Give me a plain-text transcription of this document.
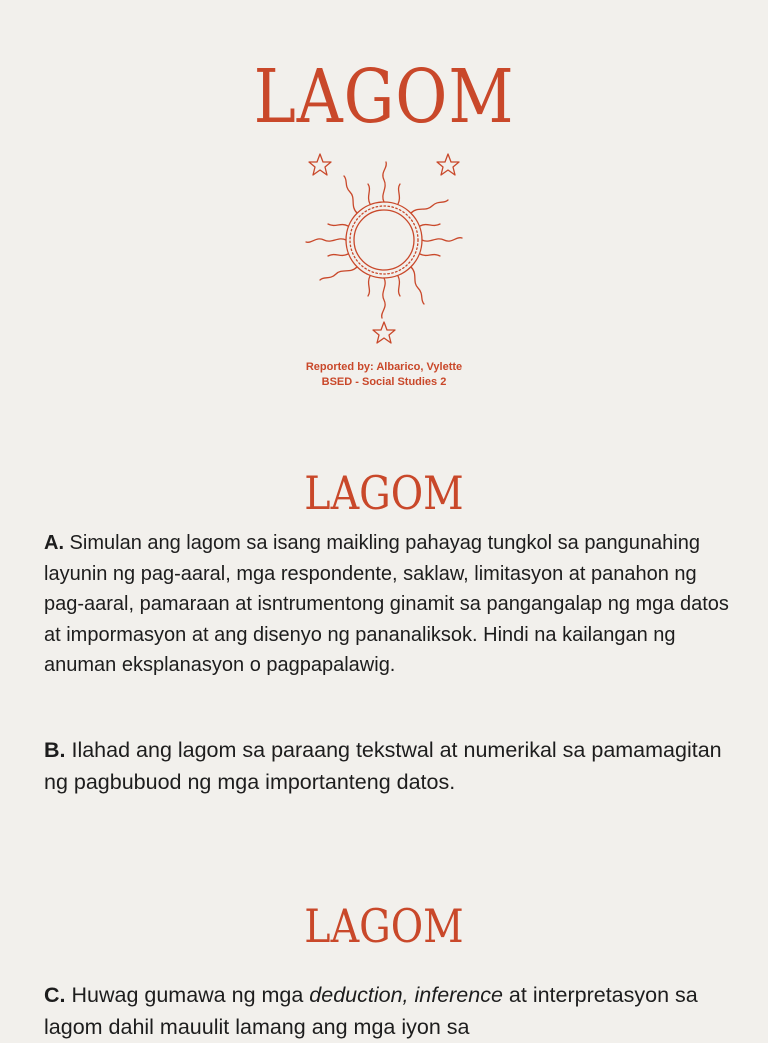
LAGOM
Reported by: Albarico, Vylette
BSED - Social Studies 2
LAGOM

A. Simulan ang lagom sa isang maikling pahayag tungkol sa pangunahing layunin ng pag-aaral, mga respondente, saklaw, limitasyon at panahon ng pag-aaral, pamaraan at isntrumentong ginamit sa pangangalap ng mga datos at impormasyon at ang disenyo ng pananaliksok. Hindi na kailangan ng anuman eksplanasyon o pagpapalawig.

B. Ilahad ang lagom sa paraang tekstwal at numerikal sa pamamagitan ng pagbubuod ng mga importanteng datos.

LAGOM

C. Huwag gumawa ng mga deduction, inference at interpretasyon sa lagom dahil mauulit lamang ang mga iyon sa
